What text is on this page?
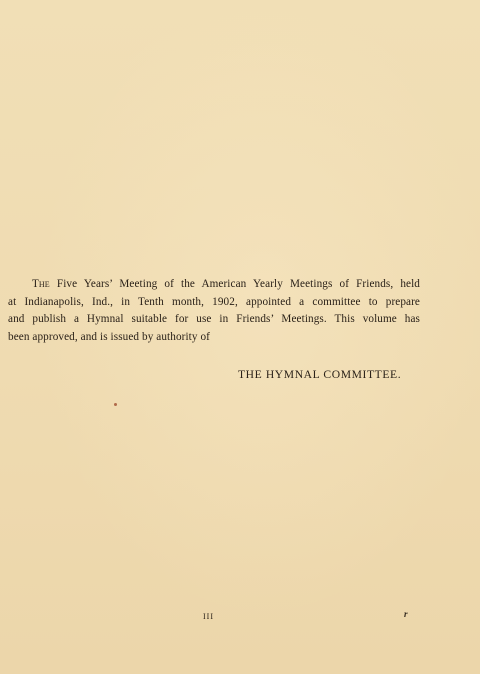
The Five Years’ Meeting of the American Yearly Meetings of Friends, held
at Indianapolis, Ind., in Tenth month, 1902, appointed a committee to prepare
and publish a Hymnal suitable for use in Friends’ Meetings. This volume has
been approved, and is issued by authority of
THE HYMNAL COMMITTEE.
III	r
